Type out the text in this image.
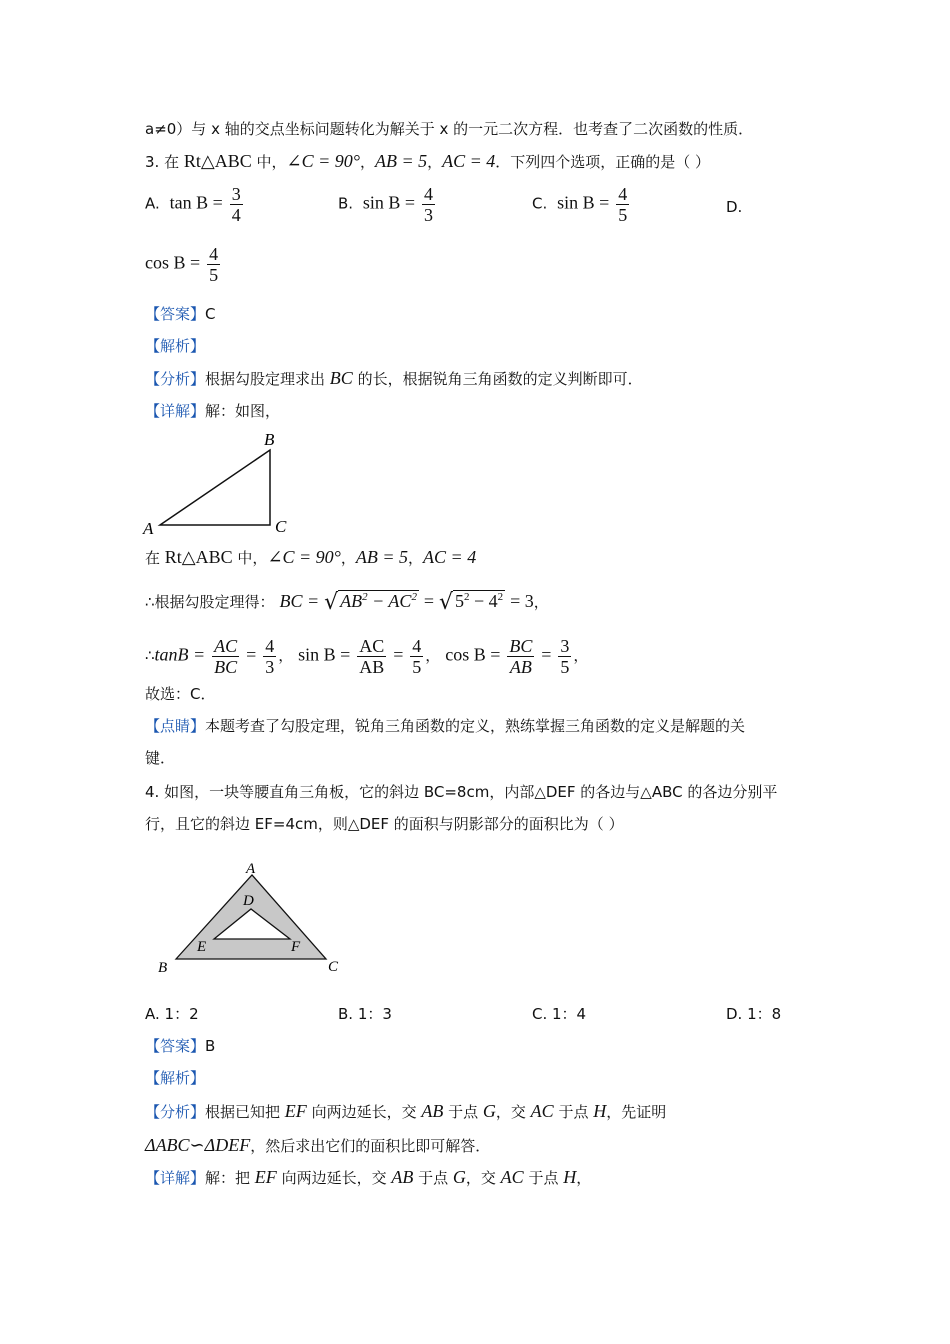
a≠0）与 x 轴的交点坐标问题转化为解关于 x 的一元二次方程．也考查了二次函数的性质．
3. 在 Rt△ABC 中，∠C = 90°，AB = 5，AC = 4．下列四个选项，正确的是（ ）
A. $\tan B = \frac{3}{4}$	B. $\sin B = \frac{4}{3}$	C. $\sin B = \frac{4}{5}$	D.
$\cos B = \frac{4}{5}$
【答案】C
【解析】
【分析】根据勾股定理求出 BC 的长，根据锐角三角函数的定义判断即可．
【详解】解：如图，
A
B
C
在 Rt△ABC 中，∠C = 90°，AB = 5，AC = 4
∴根据勾股定理得： BC = √ $AB^2 - AC^2$ = √ $5^2 - 4^2 = 3$，
∴tanB = $\frac{AC}{BC} = \frac{4}{3}$ ， $\sin B = \frac{AC}{AB} = \frac{4}{5}$ ， $\cos B = \frac{BC}{AB} = \frac{3}{5}$ ，
故选：C．
【点睛】本题考查了勾股定理，锐角三角函数的定义，熟练掌握三角函数的定义是解题的关
键．
4. 如图，一块等腰直角三角板，它的斜边 BC=8cm，内部△DEF 的各边与△ABC 的各边分别平
行，且它的斜边 EF=4cm，则△DEF 的面积与阴影部分的面积比为（ ）
A
D
E	F
B	C
A. 1：2	B. 1：3	C. 1：4	D. 1：8
【答案】B
【解析】
【分析】根据已知把 EF 向两边延长，交 AB 于点 G，交 AC 于点 H，先证明
ΔABC∽ΔDEF，然后求出它们的面积比即可解答．
【详解】解：把 EF 向两边延长，交 AB 于点 G，交 AC 于点 H，
